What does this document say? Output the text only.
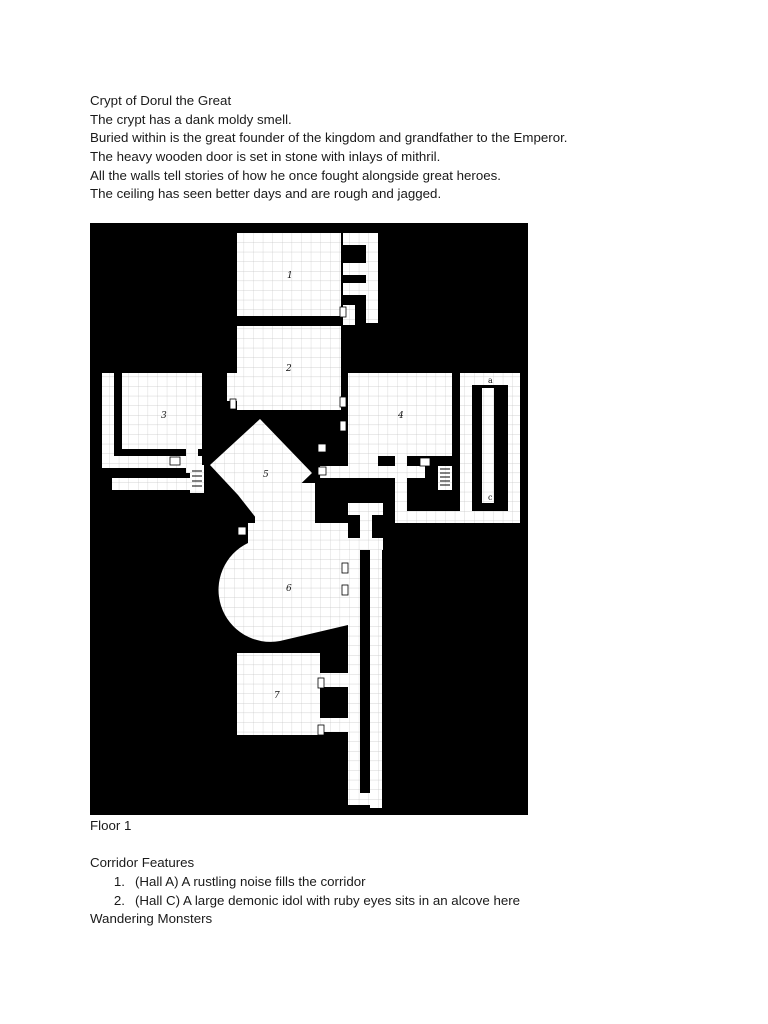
Crypt of Dorul the Great
The crypt has a dank moldy smell.
Buried within is the great founder of the kingdom and grandfather to the Emperor.
The heavy wooden door is set in stone with inlays of mithril.
All the walls tell stories of how he once fought alongside great heroes.
The ceiling has seen better days and are rough and jagged.
1
2
3	4
5
6
7
a
c
Floor 1
Corridor Features
1. (Hall A) A rustling noise fills the corridor
2. (Hall C) A large demonic idol with ruby eyes sits in an alcove here
Wandering Monsters
